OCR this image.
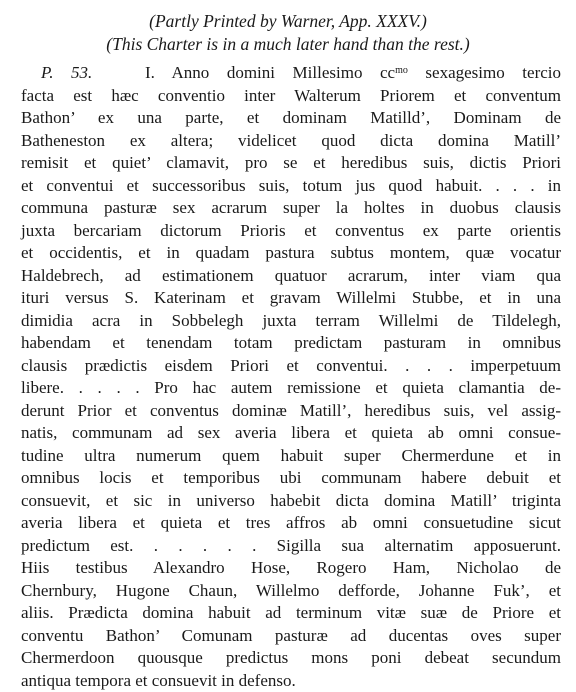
(Partly Printed by Warner, App. XXXV.)
(This Charter is in a much later hand than the rest.)
P. 53.	I. Anno domini Millesimo $cc^{mo}$ sexagesimo tercio
facta est hæc conventio inter Walterum Priorem et conventum
Bathon’ ex una parte, et dominam Matilld’, Dominam de
Batheneston ex altera; videlicet quod dicta domina Matill’
remisit et quiet’ clamavit, pro se et heredibus suis, dictis Priori
et conventui et successoribus suis, totum jus quod habuit. . . . in
communa pasturæ sex acrarum super la holtes in duobus clausis
juxta bercariam dictorum Prioris et conventus ex parte orientis
et occidentis, et in quadam pastura subtus montem, quæ vocatur
Haldebrech, ad estimationem quatuor acrarum, inter viam qua
ituri versus S. Katerinam et gravam Willelmi Stubbe, et in una
dimidia acra in Sobbelegh juxta terram Willelmi de Tildelegh,
habendam et tenendam totam predictam pasturam in omnibus
clausis prædictis eisdem Priori et conventui. . . . imperpetuum
libere. . . . . Pro hac autem remissione et quieta clamantia de-
derunt Prior et conventus dominæ Matill’, heredibus suis, vel assig-
natis, communam ad sex averia libera et quieta ab omni consue-
tudine ultra numerum quem habuit super Chermerdune et in
omnibus locis et temporibus ubi communam habere debuit et
consuevit, et sic in universo habebit dicta domina Matill’ triginta
averia libera et quieta et tres affros ab omni consuetudine sicut
predictum est. . . . . . Sigilla sua alternatim apposuerunt.
Hiis testibus Alexandro Hose, Rogero Ham, Nicholao de
Chernbury, Hugone Chaun, Willelmo defforde, Johanne Fuk’, et
aliis. Prædicta domina habuit ad terminum vitæ suæ de Priore et
conventu Bathon’ Comunam pasturæ ad ducentas oves super
Chermerdoon quousque predictus mons poni debeat secundum
antiqua tempora et consuevit in defenso.
